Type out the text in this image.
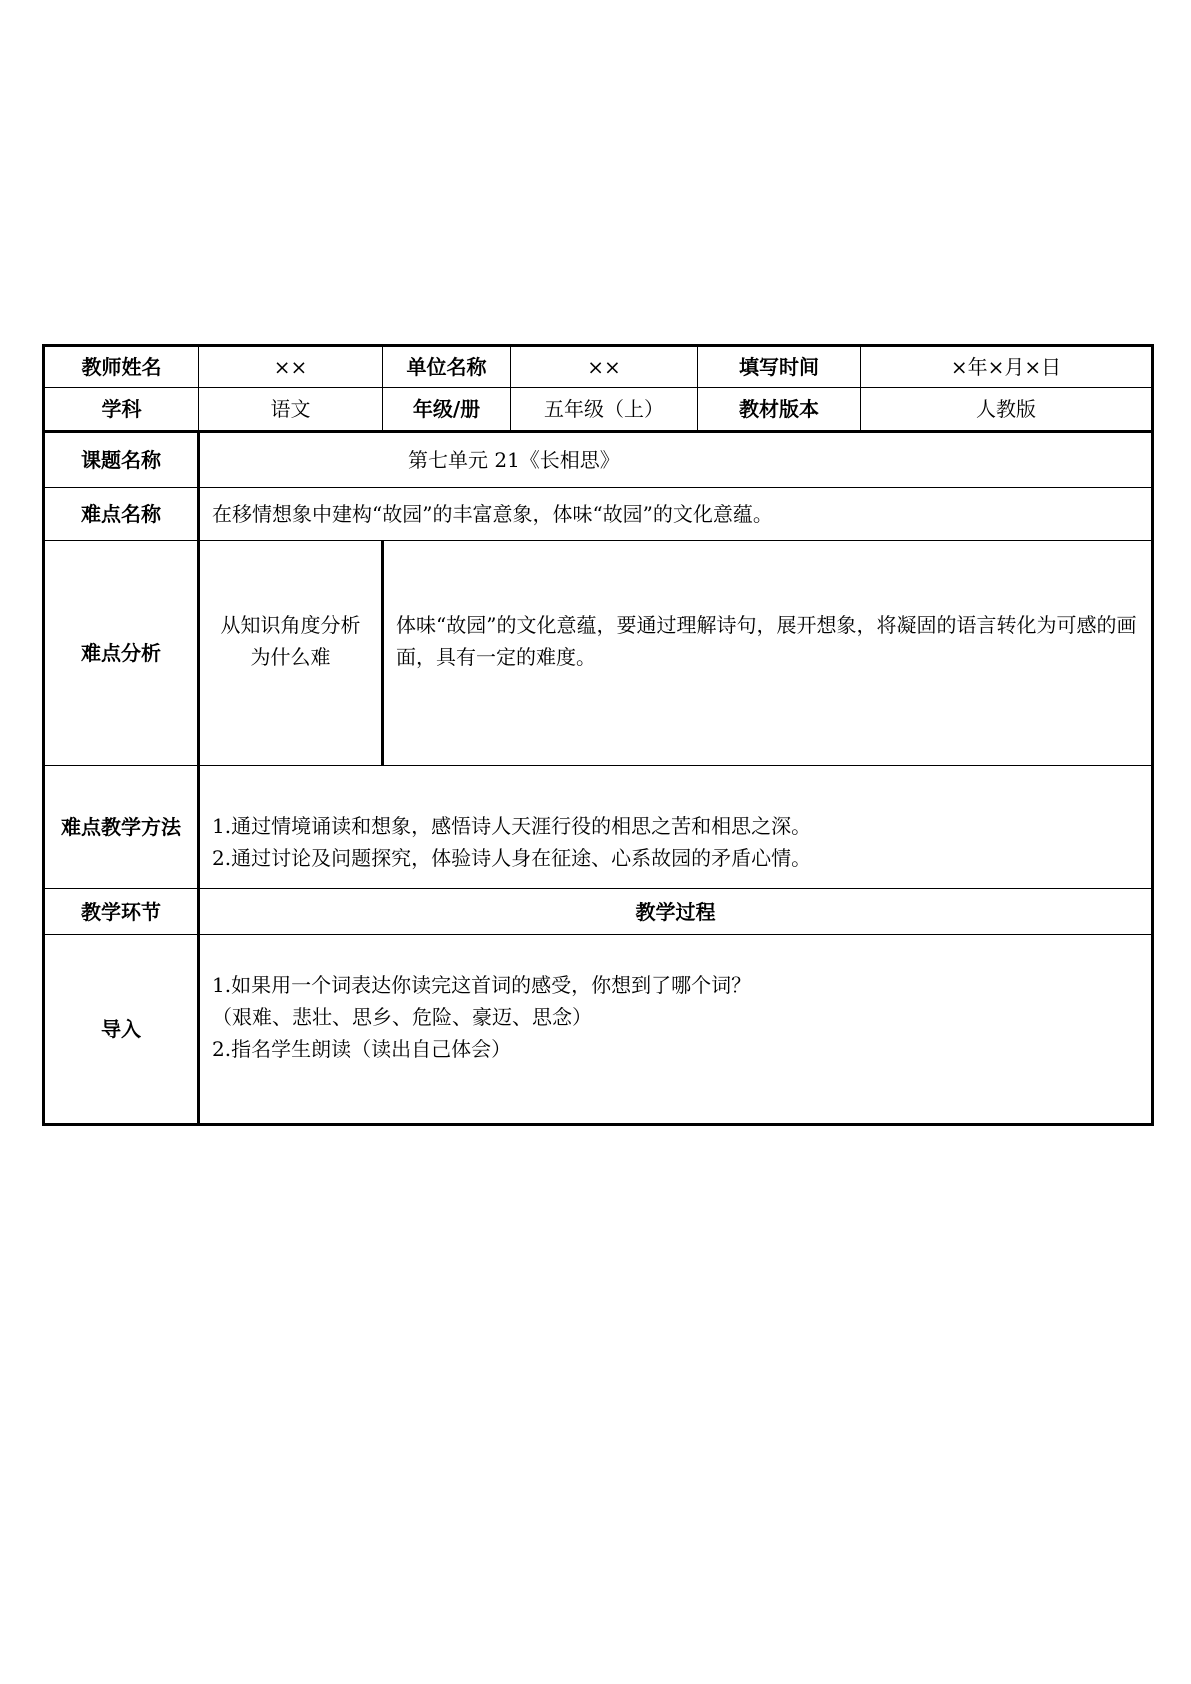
教师姓名	××	单位名称	××	填写时间	×年×月×日
学科	语文	年级/册	五年级（上）	教材版本	人教版
课题名称	第七单元 21《长相思》				
难点名称	在移情想象中建构“故园”的丰富意象，体味“故园”的文化意蕴。				
难点分析	从知识角度分析为什么难	体味“故园”的文化意蕴，要通过理解诗句，展开想象，将凝固的语言转化为可感的画面，具有一定的难度。			
难点教学方法	1.通过情境诵读和想象，感悟诗人天涯行役的相思之苦和相思之深。
2.通过讨论及问题探究，体验诗人身在征途、心系故园的矛盾心情。				

教学环节	教学过程				
导入	1.如果用一个词表达你读完这首词的感受，你想到了哪个词？
（艰难、悲壮、思乡、危险、豪迈、思念）
2.指名学生朗读（读出自己体会）				
